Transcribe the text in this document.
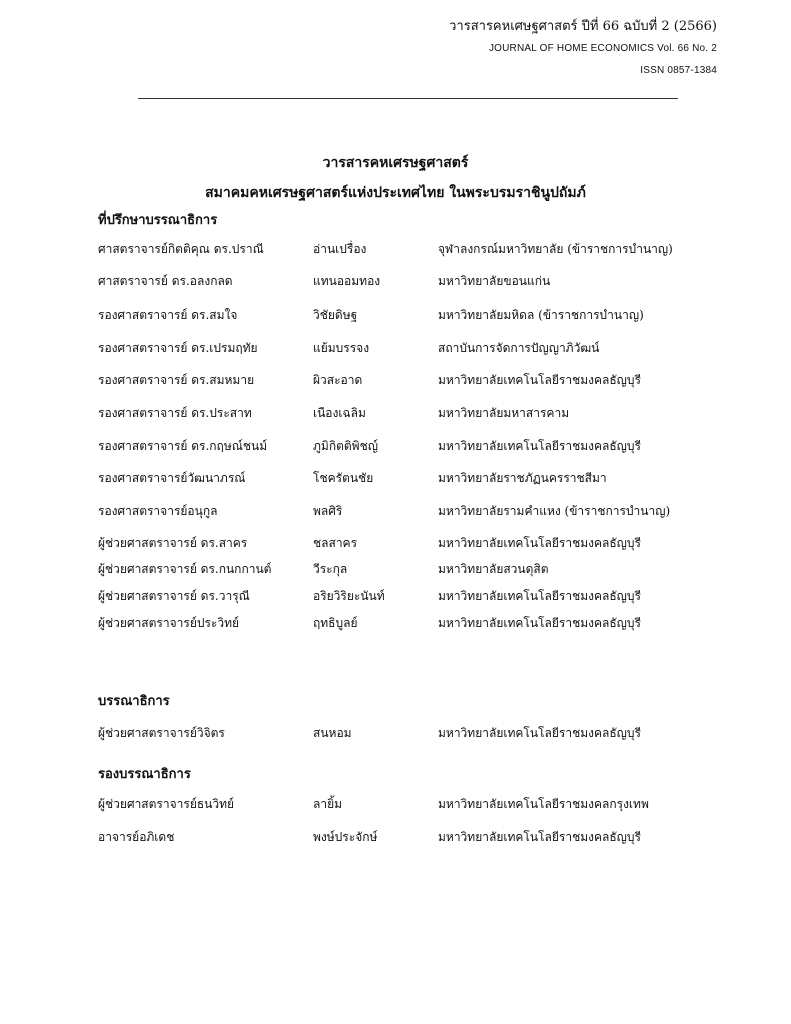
วารสารคหเศษฐศาสตร์ ปีที่ 66 ฉบับที่ 2 (2566)
JOURNAL OF HOME ECONOMICS Vol. 66 No. 2
ISSN 0857-1384
วารสารคหเศรษฐศาสตร์
สมาคมคหเศรษฐศาสตร์แห่งประเทศไทย ในพระบรมราชินูปถัมภ์
ที่ปรึกษาบรรณาธิการ
ศาสตราจารย์กิตติคุณ ดร.ปราณี	อ่านเปรื่อง	จุฬาลงกรณ์มหาวิทยาลัย (ข้าราชการบำนาญ)
ศาสตราจารย์ ดร.อลงกลด	แทนออมทอง	มหาวิทยาลัยขอนแก่น
รองศาสตราจารย์ ดร.สมใจ	วิชัยดิษฐ	มหาวิทยาลัยมหิดล (ข้าราชการบำนาญ)
รองศาสตราจารย์ ดร.เปรมฤทัย	แย้มบรรจง	สถาบันการจัดการปัญญาภิวัฒน์
รองศาสตราจารย์ ดร.สมหมาย	ผิวสะอาด	มหาวิทยาลัยเทคโนโลยีราชมงคลธัญบุรี
รองศาสตราจารย์ ดร.ประสาท	เนืองเฉลิม	มหาวิทยาลัยมหาสารคาม
รองศาสตราจารย์ ดร.กฤษณ์ชนม์	ภูมิกิตติพิชญ์	มหาวิทยาลัยเทคโนโลยีราชมงคลธัญบุรี
รองศาสตราจารย์วัฒนาภรณ์	โชครัตนชัย	มหาวิทยาลัยราชภัฏนครราชสีมา
รองศาสตราจารย์อนุกูล	พลศิริ	มหาวิทยาลัยรามคำแหง (ข้าราชการบำนาญ)
ผู้ช่วยศาสตราจารย์ ดร.สาคร	ชลสาคร	มหาวิทยาลัยเทคโนโลยีราชมงคลธัญบุรี
ผู้ช่วยศาสตราจารย์ ดร.กนกกานต์	วีระกุล	มหาวิทยาลัยสวนดุสิต
ผู้ช่วยศาสตราจารย์ ดร.วารุณี	อริยวิริยะนันท์	มหาวิทยาลัยเทคโนโลยีราชมงคลธัญบุรี
ผู้ช่วยศาสตราจารย์ประวิทย์	ฤทธิบูลย์	มหาวิทยาลัยเทคโนโลยีราชมงคลธัญบุรี
บรรณาธิการ
ผู้ช่วยศาสตราจารย์วิจิตร	สนหอม	มหาวิทยาลัยเทคโนโลยีราชมงคลธัญบุรี
รองบรรณาธิการ
ผู้ช่วยศาสตราจารย์ธนวิทย์	ลายิ้ม	มหาวิทยาลัยเทคโนโลยีราชมงคลกรุงเทพ
อาจารย์อภิเดช	พงษ์ประจักษ์	มหาวิทยาลัยเทคโนโลยีราชมงคลธัญบุรี
